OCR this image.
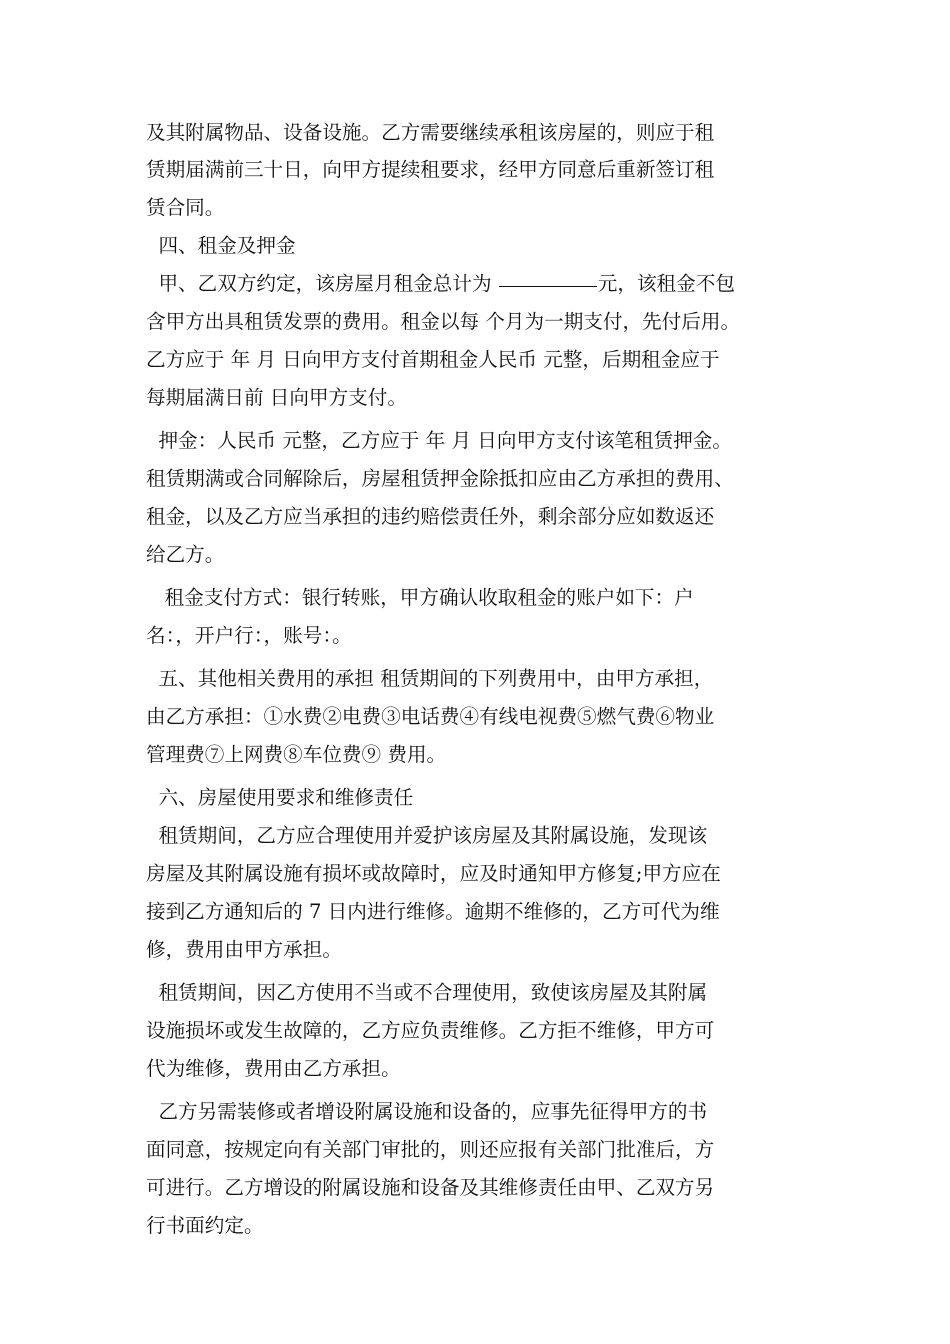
及其附属物品、设备设施。乙方需要继续承租该房屋的，则应于租
赁期届满前三十日，向甲方提续租要求，经甲方同意后重新签订租
赁合同。
四、租金及押金
甲、乙双方约定，该房屋月租金总计为	元，该租金不包
含甲方出具租赁发票的费用。租金以每 个月为一期支付，先付后用。
乙方应于 年 月 日向甲方支付首期租金人民币 元整，后期租金应于
每期届满日前 日向甲方支付。
押金：人民币 元整，乙方应于 年 月 日向甲方支付该笔租赁押金。
租赁期满或合同解除后，房屋租赁押金除抵扣应由乙方承担的费用、
租金，以及乙方应当承担的违约赔偿责任外，剩余部分应如数返还
给乙方。
租金支付方式：银行转账，甲方确认收取租金的账户如下：户
名：，开户行：，账号：。
五、其他相关费用的承担 租赁期间的下列费用中，由甲方承担，
由乙方承担：①水费②电费③电话费④有线电视费⑤燃气费⑥物业
管理费⑦上网费⑧车位费⑨ 费用。
六、房屋使用要求和维修责任
租赁期间，乙方应合理使用并爱护该房屋及其附属设施，发现该
房屋及其附属设施有损坏或故障时，应及时通知甲方修复;甲方应在
接到乙方通知后的 7 日内进行维修。逾期不维修的，乙方可代为维
修，费用由甲方承担。
租赁期间，因乙方使用不当或不合理使用，致使该房屋及其附属
设施损坏或发生故障的，乙方应负责维修。乙方拒不维修，甲方可
代为维修，费用由乙方承担。
乙方另需装修或者增设附属设施和设备的，应事先征得甲方的书
面同意，按规定向有关部门审批的，则还应报有关部门批准后，方
可进行。乙方增设的附属设施和设备及其维修责任由甲、乙双方另
行书面约定。
